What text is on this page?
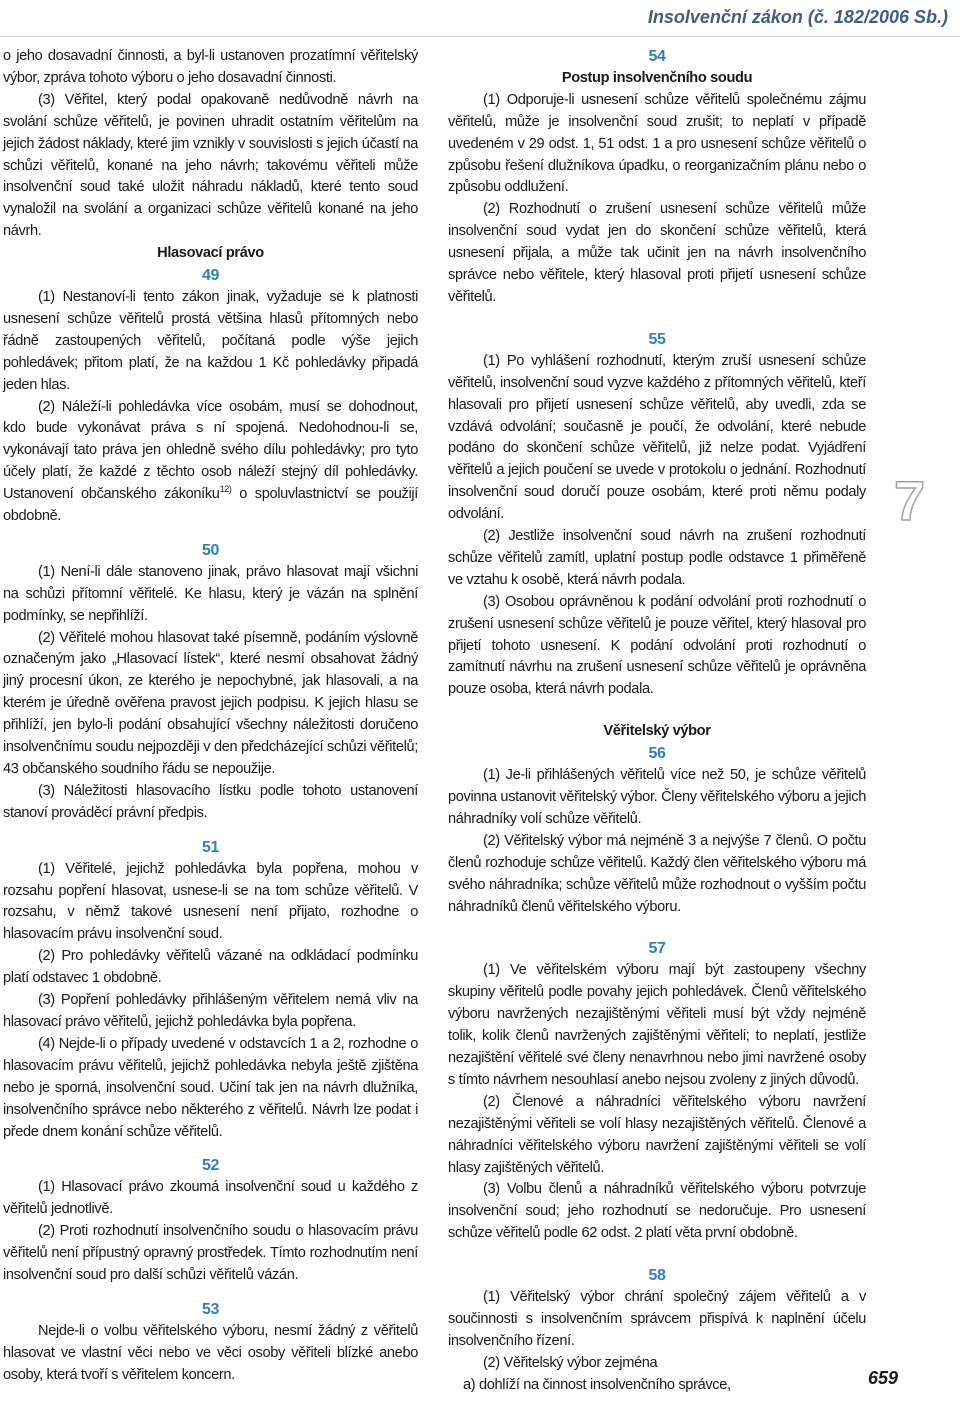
Insolvenční zákon (č. 182/2006 Sb.)

o jeho dosavadní činnosti, a byl-li ustanoven prozatímní věřitelský výbor, zpráva tohoto výboru o jeho dosavadní činnosti.

(3) Věřitel, který podal opakovaně nedůvodně návrh na svolání schůze věřitelů, je povinen uhradit ostatním věřitelům na jejich žádost náklady, které jim vznikly v souvislosti s jejich účastí na schůzi věřitelů, konané na jeho návrh; takovému věřiteli může insolvenční soud také uložit náhradu nákladů, které tento soud vynaložil na svolání a organizaci schůze věřitelů konané na jeho návrh.

Hlasovací právo

49

(1) Nestanoví-li tento zákon jinak, vyžaduje se k platnosti usnesení schůze věřitelů prostá většina hlasů přítomných nebo řádně zastoupených věřitelů, počítaná podle výše jejich pohledávek; přitom platí, že na každou 1 Kč pohledávky připadá jeden hlas.

(2) Náleží-li pohledávka více osobám, musí se dohodnout, kdo bude vykonávat práva s ní spojená. Nedohodnou-li se, vykonávají tato práva jen ohledně svého dílu pohledávky; pro tyto účely platí, že každé z těchto osob náleží stejný díl pohledávky. Ustanovení občanského zákoníku$^{12)}$ o spoluvlastnictví se použijí obdobně.

50

(1) Není-li dále stanoveno jinak, právo hlasovat mají všichni na schůzi přítomní věřitelé. Ke hlasu, který je vázán na splnění podmínky, se nepřihlíží.

(2) Věřitelé mohou hlasovat také písemně, podáním výslovně označeným jako „Hlasovací lístek“, které nesmí obsahovat žádný jiný procesní úkon, ze kterého je nepochybné, jak hlasovali, a na kterém je úředně ověřena pravost jejich podpisu. K jejich hlasu se přihlíží, jen bylo-li podání obsahující všechny náležitosti doručeno insolvenčnímu soudu nejpozději v den předcházející schůzi věřitelů; 43 občanského soudního řádu se nepoužije.

(3) Náležitosti hlasovacího lístku podle tohoto ustanovení stanoví prováděcí právní předpis.

51

(1) Věřitelé, jejichž pohledávka byla popřena, mohou v rozsahu popření hlasovat, usnese-li se na tom schůze věřitelů. V rozsahu, v němž takové usnesení není přijato, rozhodne o hlasovacím právu insolvenční soud.

(2) Pro pohledávky věřitelů vázané na odkládací podmínku platí odstavec 1 obdobně.

(3) Popření pohledávky přihlášeným věřitelem nemá vliv na hlasovací právo věřitelů, jejichž pohledávka byla popřena.

(4) Nejde-li o případy uvedené v odstavcích 1 a 2, rozhodne o hlasovacím právu věřitelů, jejichž pohledávka nebyla ještě zjištěna nebo je sporná, insolvenční soud. Učiní tak jen na návrh dlužníka, insolvenčního správce nebo některého z věřitelů. Návrh lze podat i přede dnem konání schůze věřitelů.

52

(1) Hlasovací právo zkoumá insolvenční soud u každého z věřitelů jednotlivě.

(2) Proti rozhodnutí insolvenčního soudu o hlasovacím právu věřitelů není přípustný opravný prostředek. Tímto rozhodnutím není insolvenční soud pro další schůzi věřitelů vázán.

53

Nejde-li o volbu věřitelského výboru, nesmí žádný z věřitelů hlasovat ve vlastní věci nebo ve věci osoby věřiteli blízké anebo osoby, která tvoří s věřitelem koncern.

54

Postup insolvenčního soudu

(1) Odporuje-li usnesení schůze věřitelů společnému zájmu věřitelů, může je insolvenční soud zrušit; to neplatí v případě uvedeném v 29 odst. 1, 51 odst. 1 a pro usnesení schůze věřitelů o způsobu řešení dlužníkova úpadku, o reorganizačním plánu nebo o způsobu oddlužení.

(2) Rozhodnutí o zrušení usnesení schůze věřitelů může insolvenční soud vydat jen do skončení schůze věřitelů, která usnesení přijala, a může tak učinit jen na návrh insolvenčního správce nebo věřitele, který hlasoval proti přijetí usnesení schůze věřitelů.

55

(1) Po vyhlášení rozhodnutí, kterým zruší usnesení schůze věřitelů, insolvenční soud vyzve každého z přítomných věřitelů, kteří hlasovali pro přijetí usnesení schůze věřitelů, aby uvedli, zda se vzdává odvolání; současně je poučí, že odvolání, které nebude podáno do skončení schůze věřitelů, již nelze podat. Vyjádření věřitelů a jejich poučení se uvede v protokolu o jednání. Rozhodnutí insolvenční soud doručí pouze osobám, které proti němu podaly odvolání.

(2) Jestliže insolvenční soud návrh na zrušení rozhodnutí schůze věřitelů zamítl, uplatní postup podle odstavce 1 přiměřeně ve vztahu k osobě, která návrh podala.

(3) Osobou oprávněnou k podání odvolání proti rozhodnutí o zrušení usnesení schůze věřitelů je pouze věřitel, který hlasoval pro přijetí tohoto usnesení. K podání odvolání proti rozhodnutí o zamítnutí návrhu na zrušení usnesení schůze věřitelů je oprávněna pouze osoba, která návrh podala.

Věřitelský výbor

56

(1) Je-li přihlášených věřitelů více než 50, je schůze věřitelů povinna ustanovit věřitelský výbor. Členy věřitelského výboru a jejich náhradníky volí schůze věřitelů.

(2) Věřitelský výbor má nejméně 3 a nejvýše 7 členů. O počtu členů rozhoduje schůze věřitelů. Každý člen věřitelského výboru má svého náhradníka; schůze věřitelů může rozhodnout o vyšším počtu náhradníků členů věřitelského výboru.

57

(1) Ve věřitelském výboru mají být zastoupeny všechny skupiny věřitelů podle povahy jejich pohledávek. Členů věřitelského výboru navržených nezajištěnými věřiteli musí být vždy nejméně tolik, kolik členů navržených zajištěnými věřiteli; to neplatí, jestliže nezajištění věřitelé své členy nenavrhnou nebo jimi navržené osoby s tímto návrhem nesouhlasí anebo nejsou zvoleny z jiných důvodů.

(2) Členové a náhradníci věřitelského výboru navržení nezajištěnými věřiteli se volí hlasy nezajištěných věřitelů. Členové a náhradníci věřitelského výboru navržení zajištěnými věřiteli se volí hlasy zajištěných věřitelů.

(3) Volbu členů a náhradníků věřitelského výboru potvrzuje insolvenční soud; jeho rozhodnutí se nedoručuje. Pro usnesení schůze věřitelů podle 62 odst. 2 platí věta první obdobně.

58

(1) Věřitelský výbor chrání společný zájem věřitelů a v součinnosti s insolvenčním správcem přispívá k naplnění účelu insolvenčního řízení.

(2) Věřitelský výbor zejména

a) dohlíží na činnost insolvenčního správce,

7
659
